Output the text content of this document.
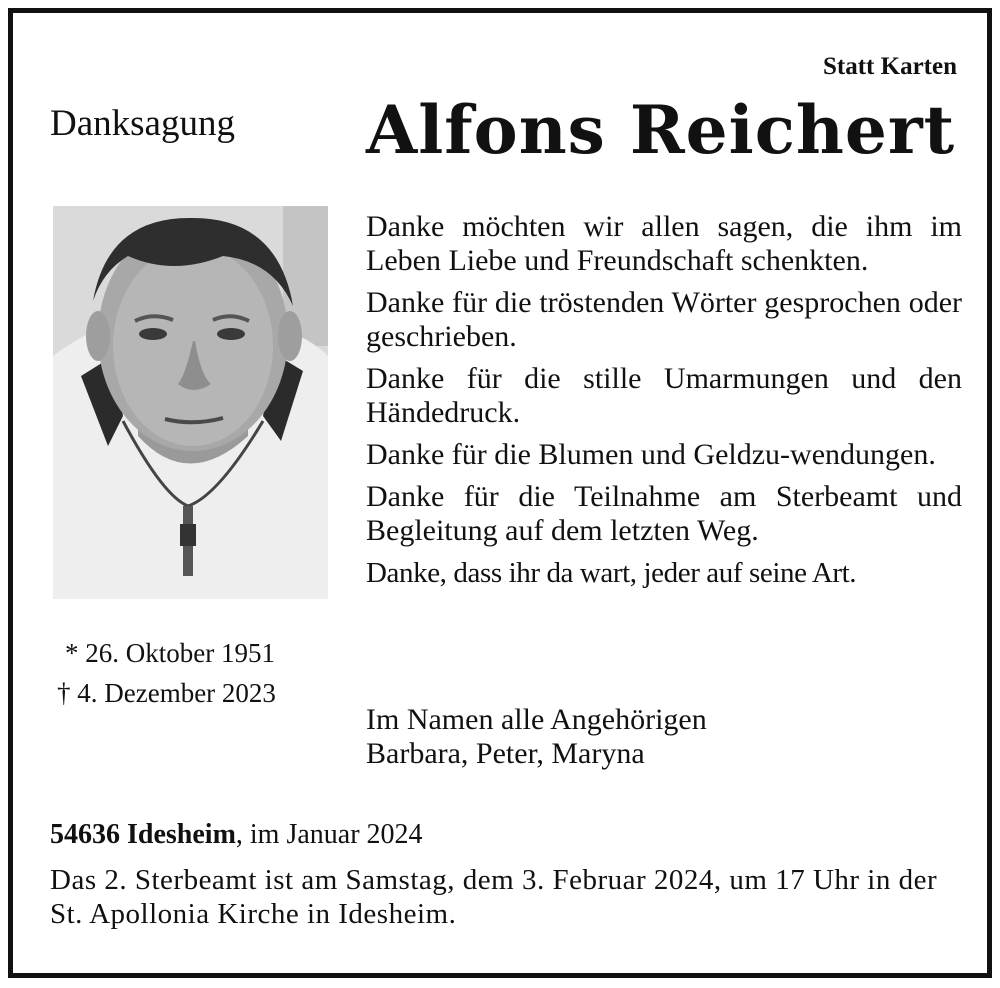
Statt Karten
Danksagung Alfons Reichert
* 26. Oktober 1951
† 4. Dezember 2023

Danke möchten wir allen sagen, die ihm im Leben Liebe und Freundschaft schenkten.

Danke für die tröstenden Wörter gesprochen oder geschrieben.

Danke für die stille Umarmungen und den Händedruck.

Danke für die Blumen und Geldzu-wendungen.

Danke für die Teilnahme am Sterbeamt und Begleitung auf dem letzten Weg.

Danke, dass ihr da wart, jeder auf seine Art.

Im Namen alle Angehörigen
Barbara, Peter, Maryna
54636 Idesheim, im Januar 2024
Das 2. Sterbeamt ist am Samstag, dem 3. Februar 2024, um 17 Uhr in der St. Apollonia Kirche in Idesheim.
